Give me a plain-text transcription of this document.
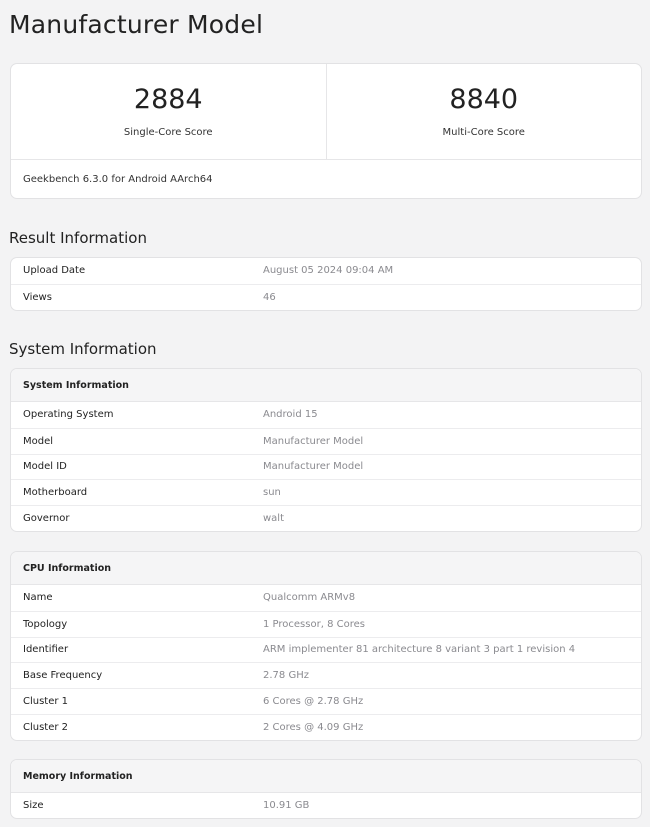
Manufacturer Model
2884
Single-Core Score
8840
Multi-Core Score
Geekbench 6.3.0 for Android AArch64
Result Information
Upload Date	August 05 2024 09:04 AM
Views	46
System Information
System Information
Operating System	Android 15
Model	Manufacturer Model
Model ID	Manufacturer Model
Motherboard	sun
Governor	walt
CPU Information
Name	Qualcomm ARMv8
Topology	1 Processor, 8 Cores
Identifier	ARM implementer 81 architecture 8 variant 3 part 1 revision 4
Base Frequency	2.78 GHz
Cluster 1	6 Cores @ 2.78 GHz
Cluster 2	2 Cores @ 4.09 GHz
Memory Information
Size	10.91 GB
